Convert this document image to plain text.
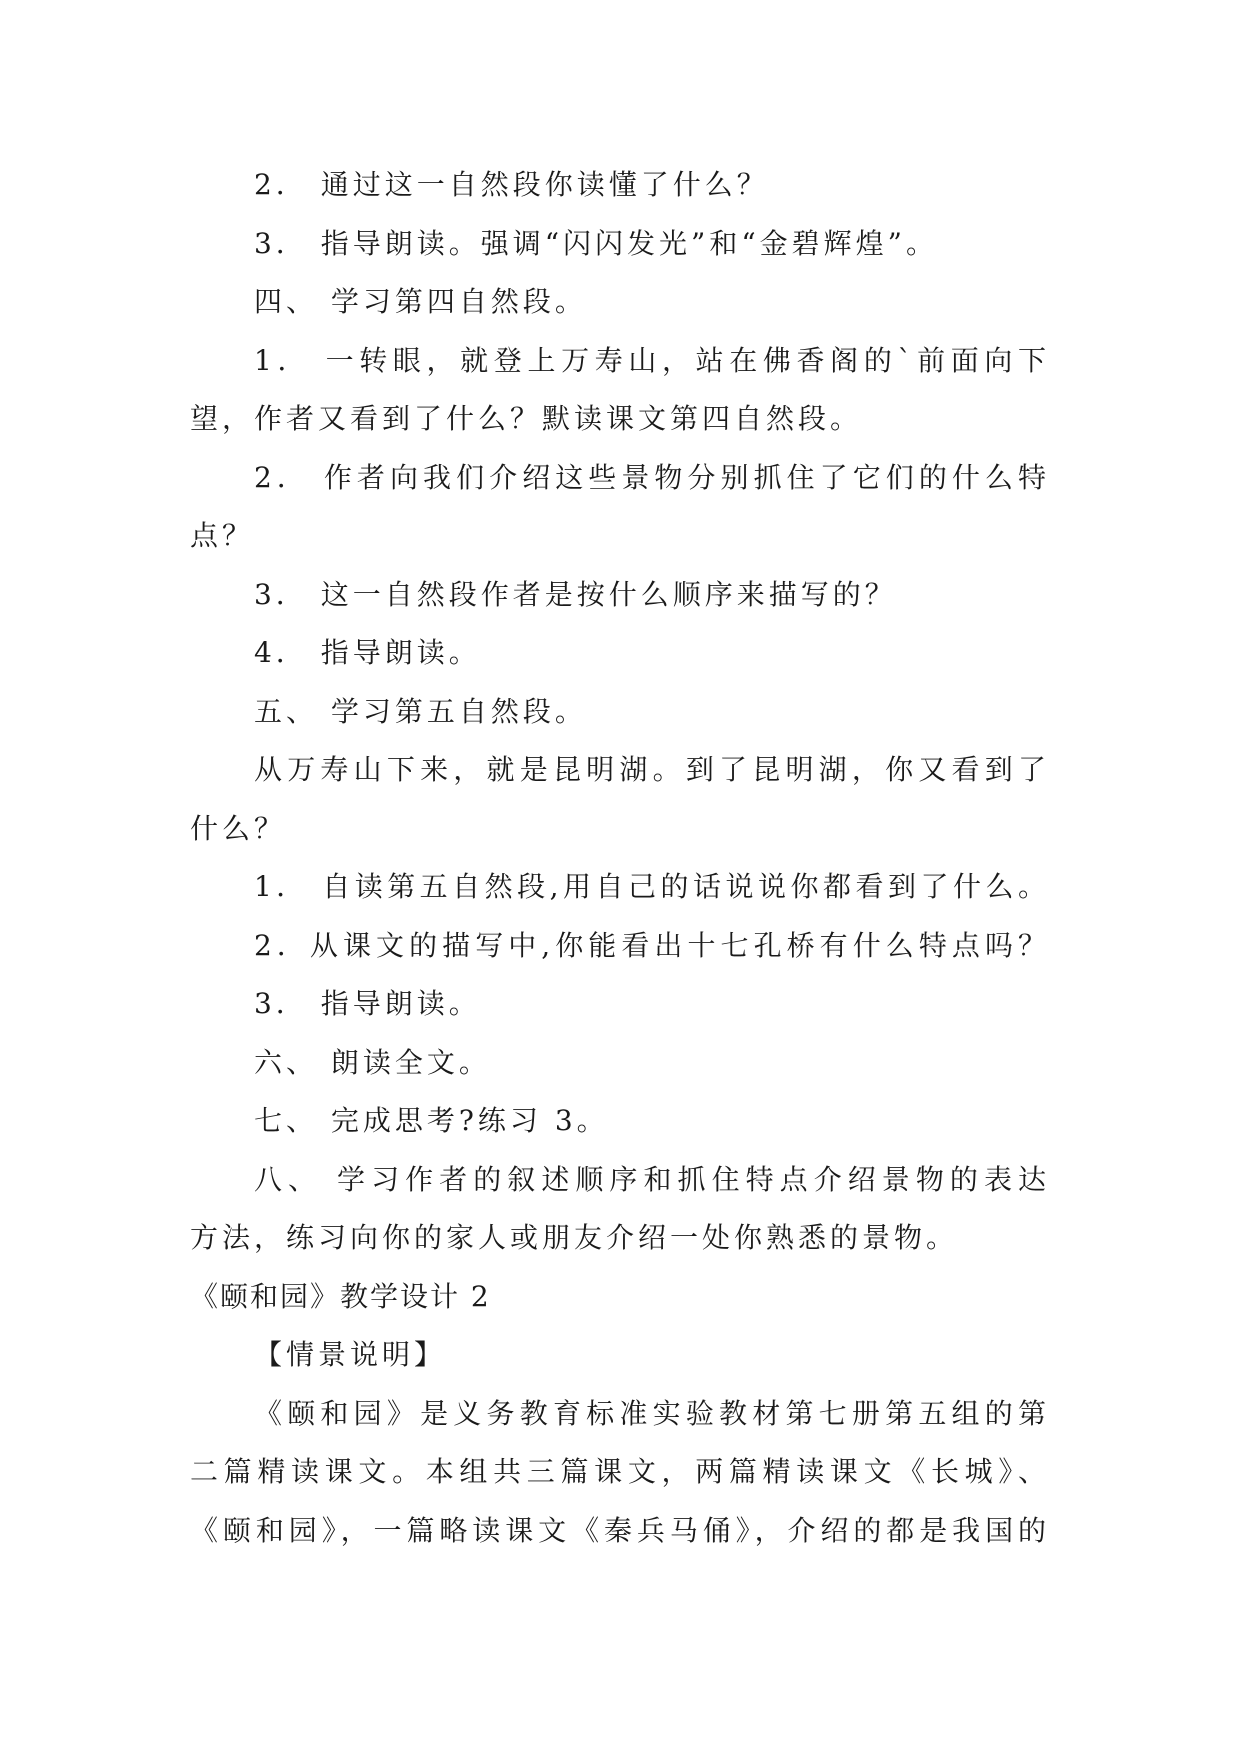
2． 通过这一自然段你读懂了什么？
3． 指导朗读。强调“闪闪发光”和“金碧辉煌”。
四、 学习第四自然段。
1． 一转眼，就登上万寿山，站在佛香阁的`前面向下
望，作者又看到了什么？默读课文第四自然段。
2． 作者向我们介绍这些景物分别抓住了它们的什么特
点？
3． 这一自然段作者是按什么顺序来描写的？
4． 指导朗读。
五、 学习第五自然段。
从万寿山下来，就是昆明湖。到了昆明湖，你又看到了
什么？
1． 自读第五自然段,用自己的话说说你都看到了什么。
2．从课文的描写中,你能看出十七孔桥有什么特点吗？
3． 指导朗读。
六、 朗读全文。
七、 完成思考?练习 3。
八、 学习作者的叙述顺序和抓住特点介绍景物的表达
方法，练习向你的家人或朋友介绍一处你熟悉的景物。
《颐和园》教学设计 2
【情景说明】
《颐和园》是义务教育标准实验教材第七册第五组的第
二篇精读课文。本组共三篇课文，两篇精读课文《长城》、
《颐和园》，一篇略读课文《秦兵马俑》，介绍的都是我国的
